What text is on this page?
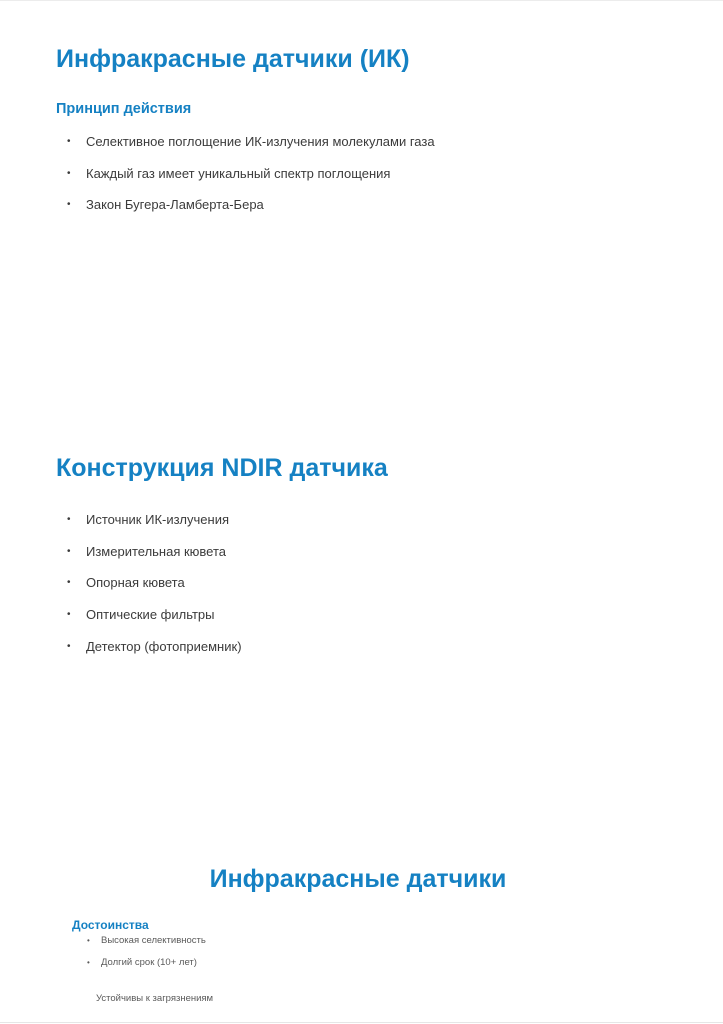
Инфракрасные датчики (ИК)
Принцип действия
• Селективное поглощение ИК-излучения молекулами газа
• Каждый газ имеет уникальный спектр поглощения
• Закон Бугера-Ламберта-Бера
Конструкция NDIR датчика
• Источник ИК-излучения
• Измерительная кювета
• Опорная кювета
• Оптические фильтры
• Детектор (фотоприемник)
Инфракрасные датчики
Достоинства
• Высокая селективность
• Долгий срок (10+ лет)

Устойчивы к загрязнениям
